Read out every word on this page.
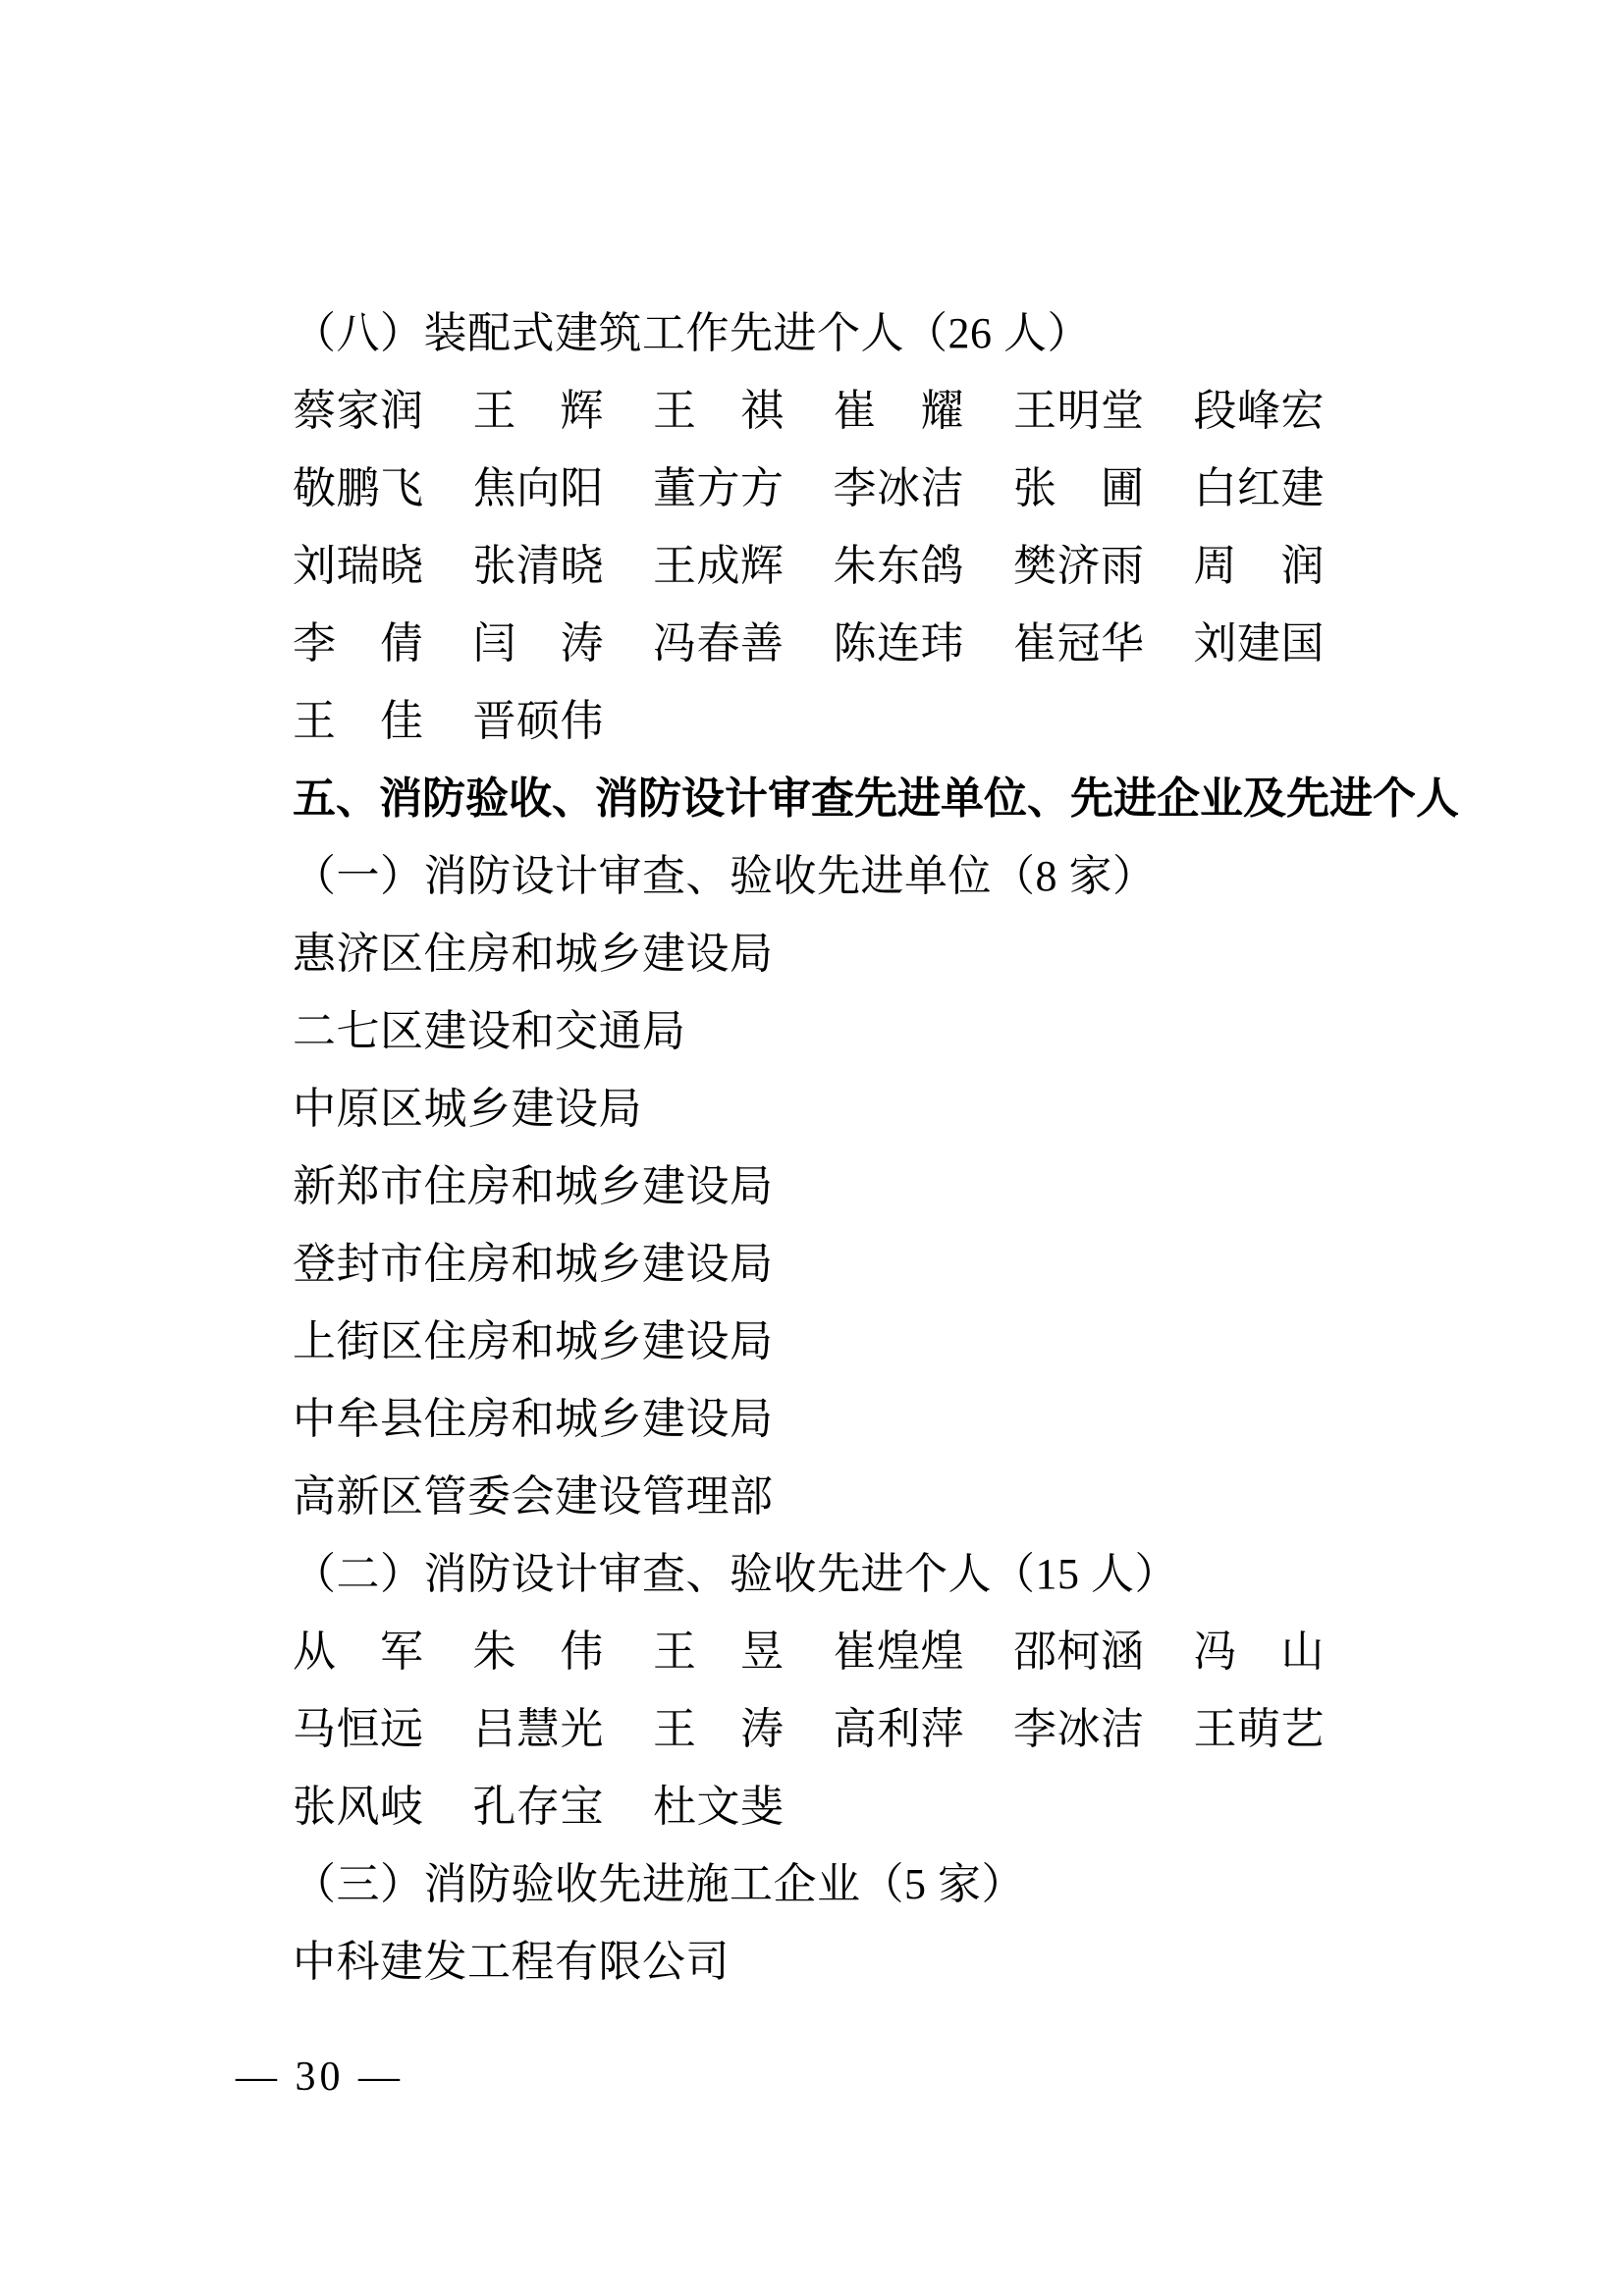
（八）装配式建筑工作先进个人（26 人）
蔡家润 王　辉 王　祺 崔　耀 王明堂 段峰宏
敬鹏飞 焦向阳 董方方 李冰洁 张　圃 白红建
刘瑞晓 张清晓 王成辉 朱东鸽 樊济雨 周　润
李　倩 闫　涛 冯春善 陈连玮 崔冠华 刘建国
王　佳 晋硕伟
五、消防验收、消防设计审查先进单位、先进企业及先进个人
（一）消防设计审查、验收先进单位（8 家）
惠济区住房和城乡建设局
二七区建设和交通局
中原区城乡建设局
新郑市住房和城乡建设局
登封市住房和城乡建设局
上街区住房和城乡建设局
中牟县住房和城乡建设局
高新区管委会建设管理部
（二）消防设计审查、验收先进个人（15 人）
从　军 朱　伟 王　昱 崔煌煌 邵柯涵 冯　山
马恒远 吕慧光 王　涛 高利萍 李冰洁 王萌艺
张风岐 孔存宝 杜文斐
（三）消防验收先进施工企业（5 家）
中科建发工程有限公司
— 30 —
